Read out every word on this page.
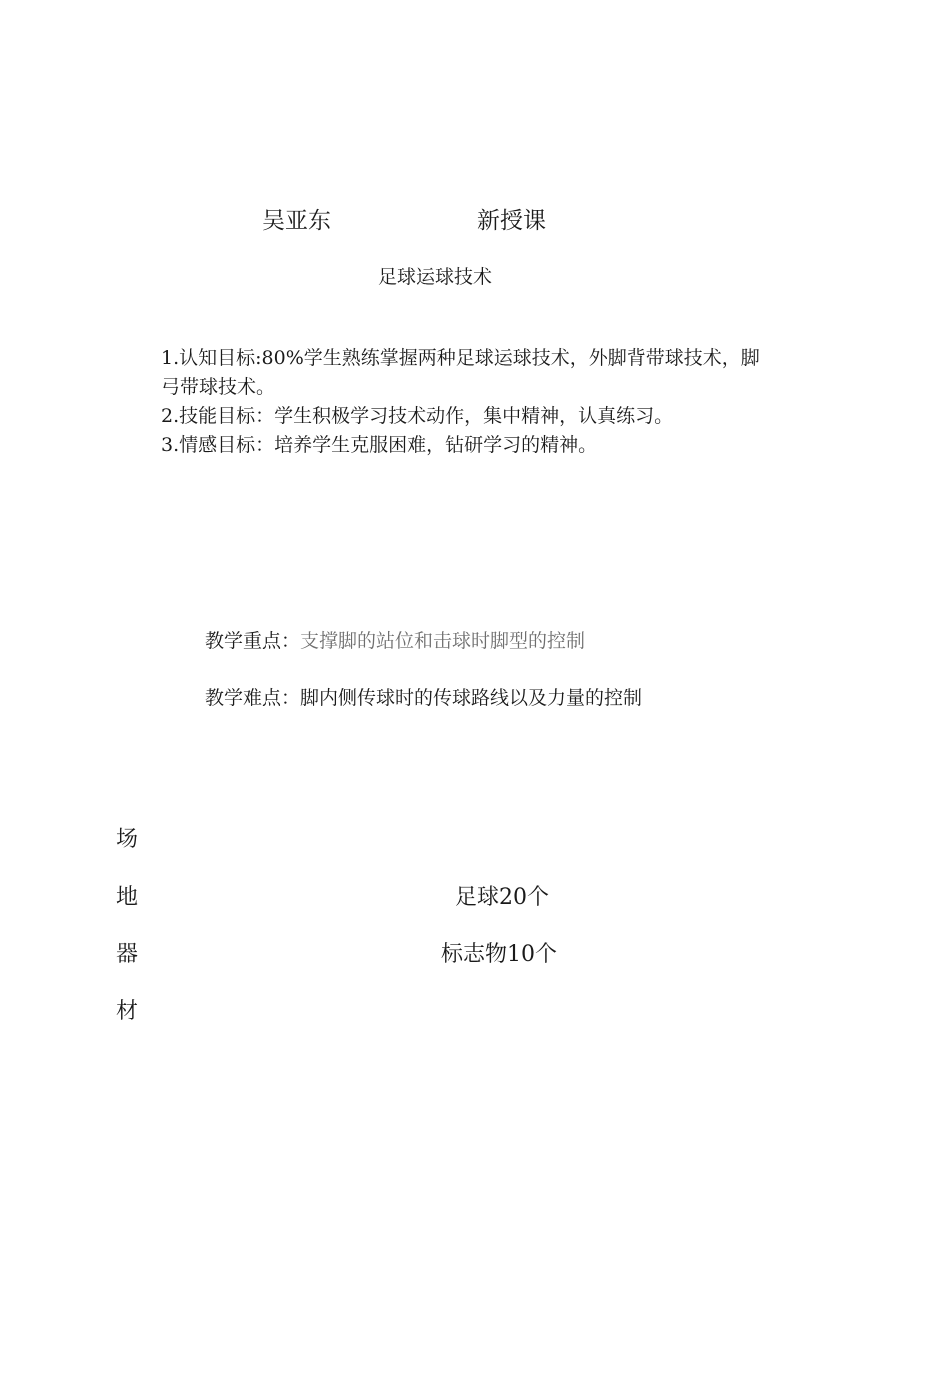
吴亚东	新授课
足球运球技术
1.认知目标:80%学生熟练掌握两种足球运球技术，外脚背带球技术，脚
弓带球技术。
2.技能目标：学生积极学习技术动作，集中精神，认真练习。
3.情感目标：培养学生克服困难，钻研学习的精神。
教学重点：支撑脚的站位和击球时脚型的控制
教学难点：脚内侧传球时的传球路线以及力量的控制
场
地
器
材
足球20个
标志物10个
